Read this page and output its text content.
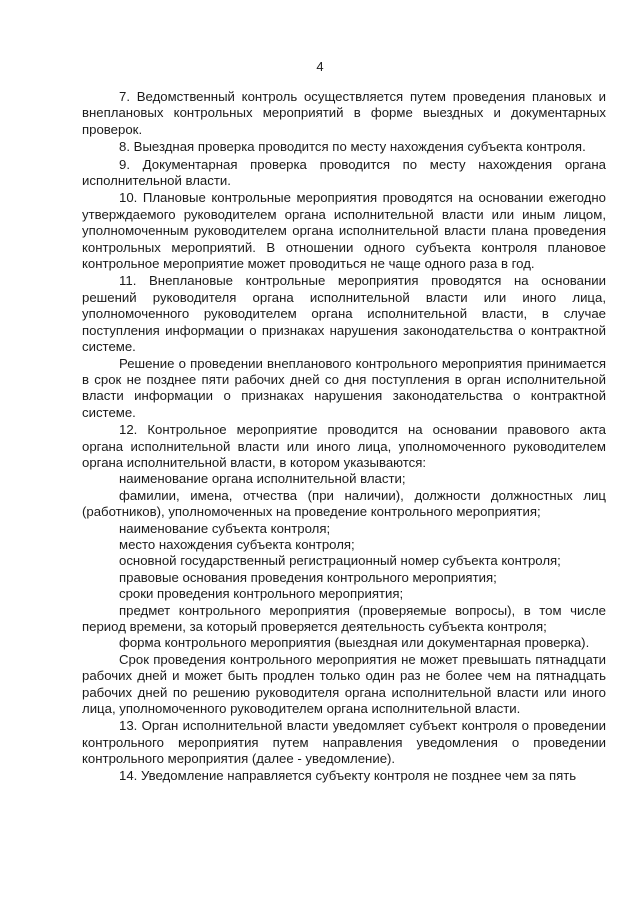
4

7. Ведомственный контроль осуществляется путем проведения плановых и внеплановых контрольных мероприятий в форме выездных и документарных проверок.

8. Выездная проверка проводится по месту нахождения субъекта контроля.

9. Документарная проверка проводится по месту нахождения органа исполнительной власти.

10. Плановые контрольные мероприятия проводятся на основании ежегодно утверждаемого руководителем органа исполнительной власти или иным лицом, уполномоченным руководителем органа исполнительной власти плана проведения контрольных мероприятий. В отношении одного субъекта контроля плановое контрольное мероприятие может проводиться не чаще одного раза в год.

11. Внеплановые контрольные мероприятия проводятся на основании решений руководителя органа исполнительной власти или иного лица, уполномоченного руководителем органа исполнительной власти, в случае поступления информации о признаках нарушения законодательства о контрактной системе.

Решение о проведении внепланового контрольного мероприятия принимается в срок не позднее пяти рабочих дней со дня поступления в орган исполнительной власти информации о признаках нарушения законодательства о контрактной системе.

12. Контрольное мероприятие проводится на основании правового акта органа исполнительной власти или иного лица, уполномоченного руководителем органа исполнительной власти, в котором указываются:

наименование органа исполнительной власти;

фамилии, имена, отчества (при наличии), должности должностных лиц (работников), уполномоченных на проведение контрольного мероприятия;

наименование субъекта контроля;

место нахождения субъекта контроля;

основной государственный регистрационный номер субъекта контроля;

правовые основания проведения контрольного мероприятия;

сроки проведения контрольного мероприятия;

предмет контрольного мероприятия (проверяемые вопросы), в том числе период времени, за который проверяется деятельность субъекта контроля;

форма контрольного мероприятия (выездная или документарная проверка).

Срок проведения контрольного мероприятия не может превышать пятнадцати рабочих дней и может быть продлен только один раз не более чем на пятнадцать рабочих дней по решению руководителя органа исполнительной власти или иного лица, уполномоченного руководителем органа исполнительной власти.

13. Орган исполнительной власти уведомляет субъект контроля о проведении контрольного мероприятия путем направления уведомления о проведении контрольного мероприятия (далее - уведомление).

14. Уведомление направляется субъекту контроля не позднее чем за пять
